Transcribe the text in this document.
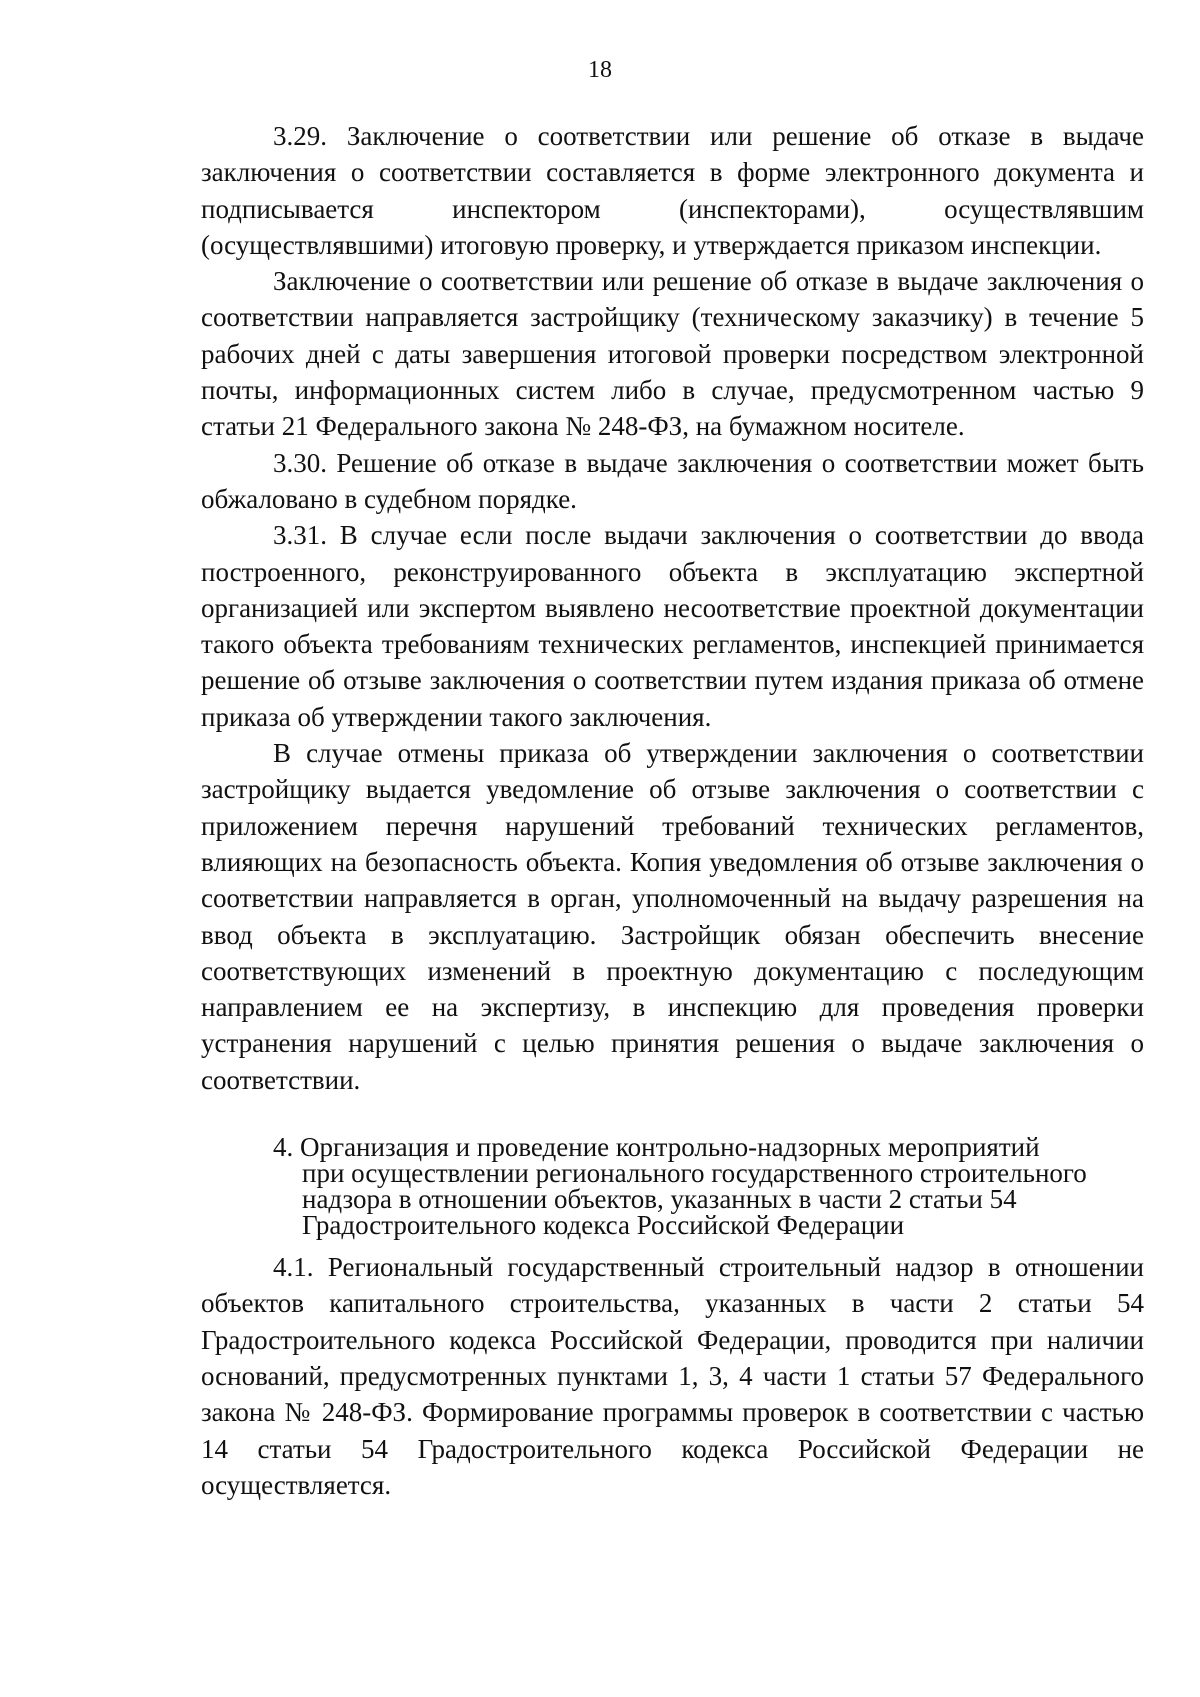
18

3.29. Заключение о соответствии или решение об отказе в выдаче заключения о соответствии составляется в форме электронного документа и подписывается инспектором (инспекторами), осуществлявшим (осуществлявшими) итоговую проверку, и утверждается приказом инспекции.

Заключение о соответствии или решение об отказе в выдаче заключения о соответствии направляется застройщику (техническому заказчику) в течение 5 рабочих дней с даты завершения итоговой проверки посредством электронной почты, информационных систем либо в случае, предусмотренном частью 9 статьи 21 Федерального закона № 248-ФЗ, на бумажном носителе.

3.30. Решение об отказе в выдаче заключения о соответствии может быть обжаловано в судебном порядке.

3.31. В случае если после выдачи заключения о соответствии до ввода построенного, реконструированного объекта в эксплуатацию экспертной организацией или экспертом выявлено несоответствие проектной документации такого объекта требованиям технических регламентов, инспекцией принимается решение об отзыве заключения о соответствии путем издания приказа об отмене приказа об утверждении такого заключения.

В случае отмены приказа об утверждении заключения о соответствии застройщику выдается уведомление об отзыве заключения о соответствии с приложением перечня нарушений требований технических регламентов, влияющих на безопасность объекта. Копия уведомления об отзыве заключения о соответствии направляется в орган, уполномоченный на выдачу разрешения на ввод объекта в эксплуатацию. Застройщик обязан обеспечить внесение соответствующих изменений в проектную документацию с последующим направлением ее на экспертизу, в инспекцию для проведения проверки устранения нарушений с целью принятия решения о выдаче заключения о соответствии.

4. Организация и проведение контрольно-надзорных мероприятий
при осуществлении регионального государственного строительного
надзора в отношении объектов, указанных в части 2 статьи 54
Градостроительного кодекса Российской Федерации

4.1. Региональный государственный строительный надзор в отношении объектов капитального строительства, указанных в части 2 статьи 54 Градостроительного кодекса Российской Федерации, проводится при наличии оснований, предусмотренных пунктами 1, 3, 4 части 1 статьи 57 Федерального закона № 248-ФЗ. Формирование программы проверок в соответствии с частью 14 статьи 54 Градостроительного кодекса Российской Федерации не осуществляется.
